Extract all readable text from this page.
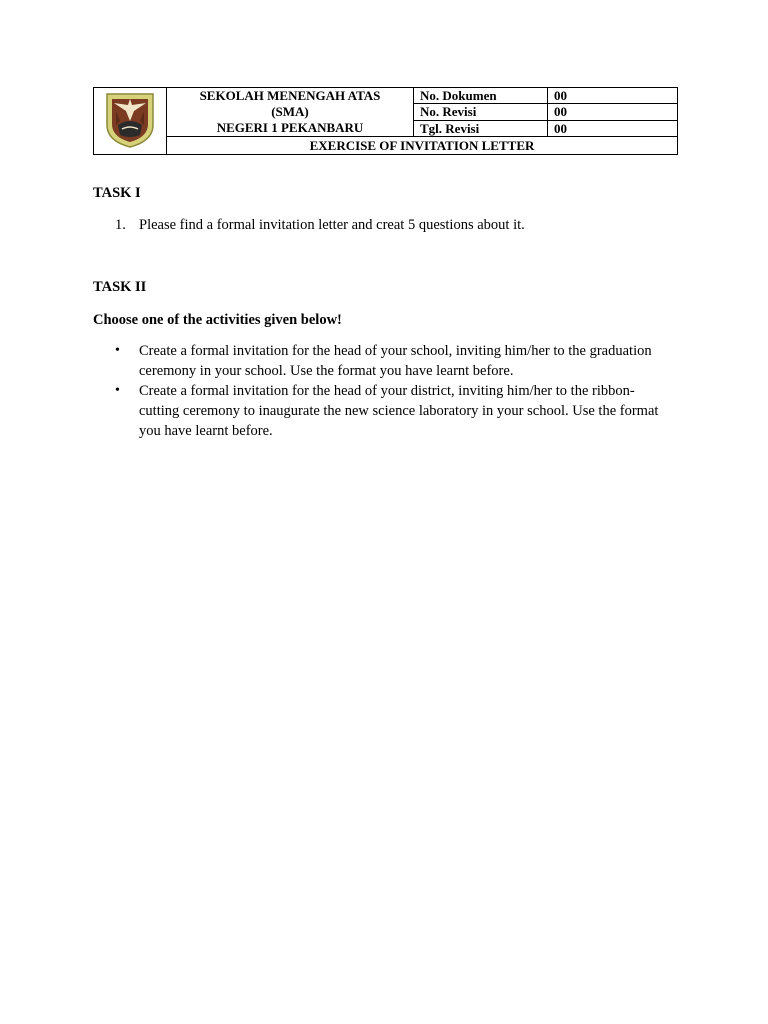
SEKOLAH MENENGAH ATAS
(SMA)
NEGERI 1 PEKANBARU	No. Dokumen	00
		No. Revisi	00
		Tgl. Revisi	00
	EXERCISE OF INVITATION LETTER		
TASK I
1. Please find a formal invitation letter and creat 5 questions about it.
TASK II
Choose one of the activities given below!

• Create a formal invitation for the head of your school, inviting him/her to the graduation ceremony in your school. Use the format you have learnt before.

• Create a formal invitation for the head of your district, inviting him/her to the ribbon-cutting ceremony to inaugurate the new science laboratory in your school. Use the format you have learnt before.
